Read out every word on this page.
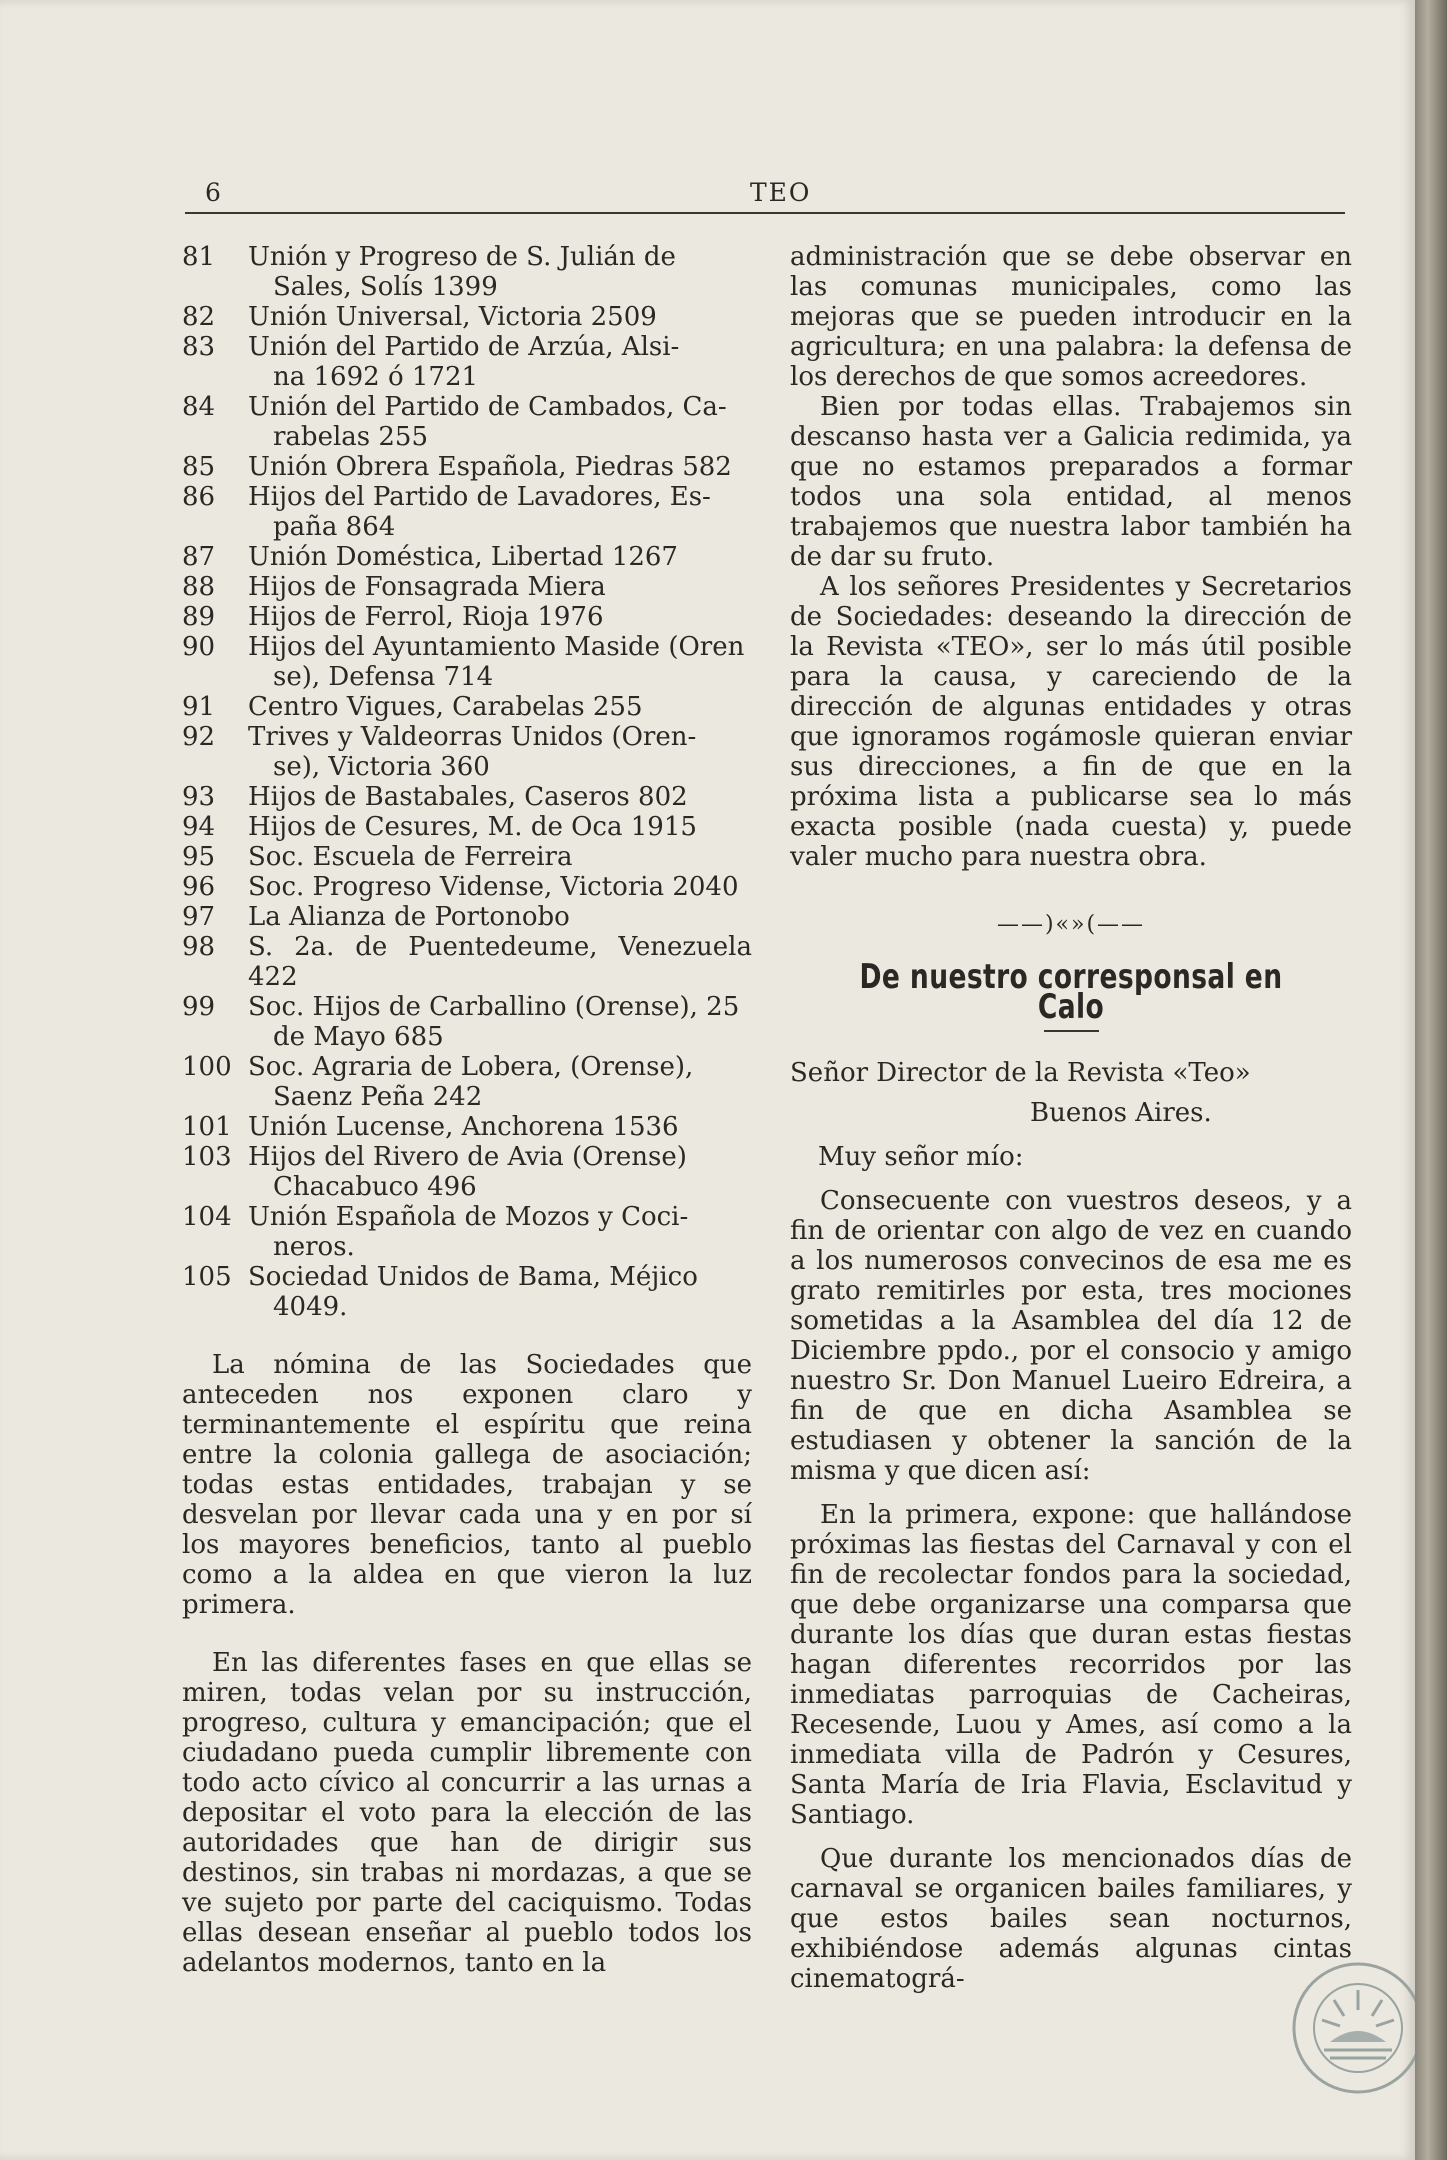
6	TEO
81 Unión y Progreso de S. Julián de
Sales, Solís 1399
82 Unión Universal, Victoria 2509
83 Unión del Partido de Arzúa, Alsi-
na 1692 ó 1721
84 Unión del Partido de Cambados, Ca-
rabelas 255
85 Unión Obrera Española, Piedras 582
86 Hijos del Partido de Lavadores, Es-
paña 864
87 Unión Doméstica, Libertad 1267
88 Hijos de Fonsagrada Miera
89 Hijos de Ferrol, Rioja 1976
90 Hijos del Ayuntamiento Maside (Oren
se), Defensa 714
91 Centro Vigues, Carabelas 255
92 Trives y Valdeorras Unidos (Oren-
se), Victoria 360
93 Hijos de Bastabales, Caseros 802
94 Hijos de Cesures, M. de Oca 1915
95 Soc. Escuela de Ferreira
96 Soc. Progreso Vidense, Victoria 2040
97 La Alianza de Portonobo
98 S. 2a. de Puentedeume, Venezuela 422
99 Soc. Hijos de Carballino (Orense), 25
de Mayo 685
100 Soc. Agraria de Lobera, (Orense),
Saenz Peña 242
101 Unión Lucense, Anchorena 1536
103 Hijos del Rivero de Avia (Orense)
Chacabuco 496
104 Unión Española de Mozos y Coci-
neros.
105 Sociedad Unidos de Bama, Méjico
4049.

La nómina de las Sociedades que anteceden nos exponen claro y terminantemente el espíritu que reina entre la colonia gallega de asociación; todas estas entidades, trabajan y se desvelan por llevar cada una y en por sí los mayores beneficios, tanto al pueblo como a la aldea en que vieron la luz primera.

En las diferentes fases en que ellas se miren, todas velan por su instrucción, progreso, cultura y emancipación; que el ciudadano pueda cumplir libremente con todo acto cívico al concurrir a las urnas a depositar el voto para la elección de las autoridades que han de dirigir sus destinos, sin trabas ni mordazas, a que se ve sujeto por parte del caciquismo. Todas ellas desean enseñar al pueblo todos los adelantos modernos, tanto en la

administración que se debe observar en las comunas municipales, como las mejoras que se pueden introducir en la agricultura; en una palabra: la defensa de los derechos de que somos acreedores.

Bien por todas ellas. Trabajemos sin descanso hasta ver a Galicia redimida, ya que no estamos preparados a formar todos una sola entidad, al menos trabajemos que nuestra labor también ha de dar su fruto.

A los señores Presidentes y Secretarios de Sociedades: deseando la dirección de la Revista «TEO», ser lo más útil posible para la causa, y careciendo de la dirección de algunas entidades y otras que ignoramos rogámosle quieran enviar sus direcciones, a fin de que en la próxima lista a publicarse sea lo más exacta posible (nada cuesta) y, puede valer mucho para nuestra obra.

——)«»(——
De nuestro corresponsal en Calo

Señor Director de la Revista «Teo»

Buenos Aires.

Muy señor mío:

Consecuente con vuestros deseos, y a fin de orientar con algo de vez en cuando a los numerosos convecinos de esa me es grato remitirles por esta, tres mociones sometidas a la Asamblea del día 12 de Diciembre ppdo., por el consocio y amigo nuestro Sr. Don Manuel Lueiro Edreira, a fin de que en dicha Asamblea se estudiasen y obtener la sanción de la misma y que dicen así:

En la primera, expone: que hallándose próximas las fiestas del Carnaval y con el fin de recolectar fondos para la sociedad, que debe organizarse una comparsa que durante los días que duran estas fiestas hagan diferentes recorridos por las inmediatas parroquias de Cacheiras, Recesende, Luou y Ames, así como a la inmediata villa de Padrón y Cesures, Santa María de Iria Flavia, Esclavitud y Santiago.

Que durante los mencionados días de carnaval se organicen bailes familiares, y que estos bailes sean nocturnos, exhibiéndose además algunas cintas cinematográ-
